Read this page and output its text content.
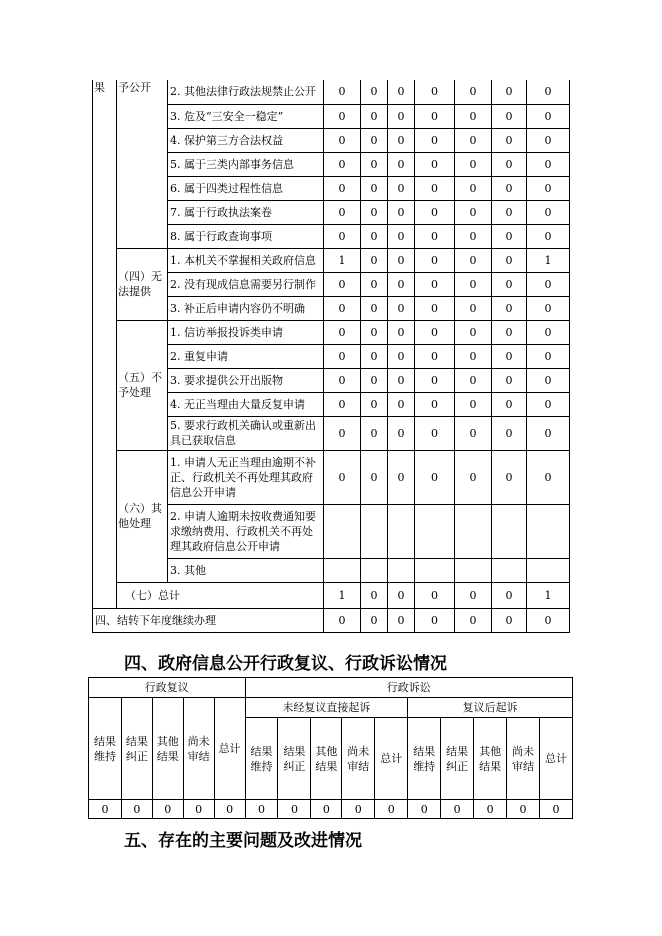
果	予公开	2. 其他法律行政法规禁止公开	0	0	0	0	0	0	0
		3. 危及“三安全一稳定”	0	0	0	0	0	0	0
		4. 保护第三方合法权益	0	0	0	0	0	0	0
		5. 属于三类内部事务信息	0	0	0	0	0	0	0
		6. 属于四类过程性信息	0	0	0	0	0	0	0
		7. 属于行政执法案卷	0	0	0	0	0	0	0
		8. 属于行政查询事项	0	0	0	0	0	0	0
	（四）无法提供	1. 本机关不掌握相关政府信息	1	0	0	0	0	0	1
		2. 没有现成信息需要另行制作	0	0	0	0	0	0	0
		3. 补正后申请内容仍不明确	0	0	0	0	0	0	0
	（五）不予处理	1. 信访举报投诉类申请	0	0	0	0	0	0	0
		2. 重复申请	0	0	0	0	0	0	0
		3. 要求提供公开出版物	0	0	0	0	0	0	0
		4. 无正当理由大量反复申请	0	0	0	0	0	0	0
		5. 要求行政机关确认或重新出具已获取信息	0	0	0	0	0	0	0
	（六）其他处理	1. 申请人无正当理由逾期不补正、行政机关不再处理其政府信息公开申请	0	0	0	0	0	0	0
		2. 申请人逾期未按收费通知要求缴纳费用、行政机关不再处理其政府信息公开申请							
		3. 其他							
	（七）总计		1	0	0	0	0	0	1
四、结转下年度继续办理			0	0	0	0	0	0	0
四、政府信息公开行政复议、行政诉讼情况
行政复议					行政诉讼									
结果维持	结果纠正	其他结果	尚未审结	总计	未经复议直接起诉					复议后起诉				
					结果维持	结果纠正	其他结果	尚未审结	总计	结果维持	结果纠正	其他结果	尚未审结	总计
0	0	0	0	0	0	0	0	0	0	0	0	0	0	0
五、存在的主要问题及改进情况
